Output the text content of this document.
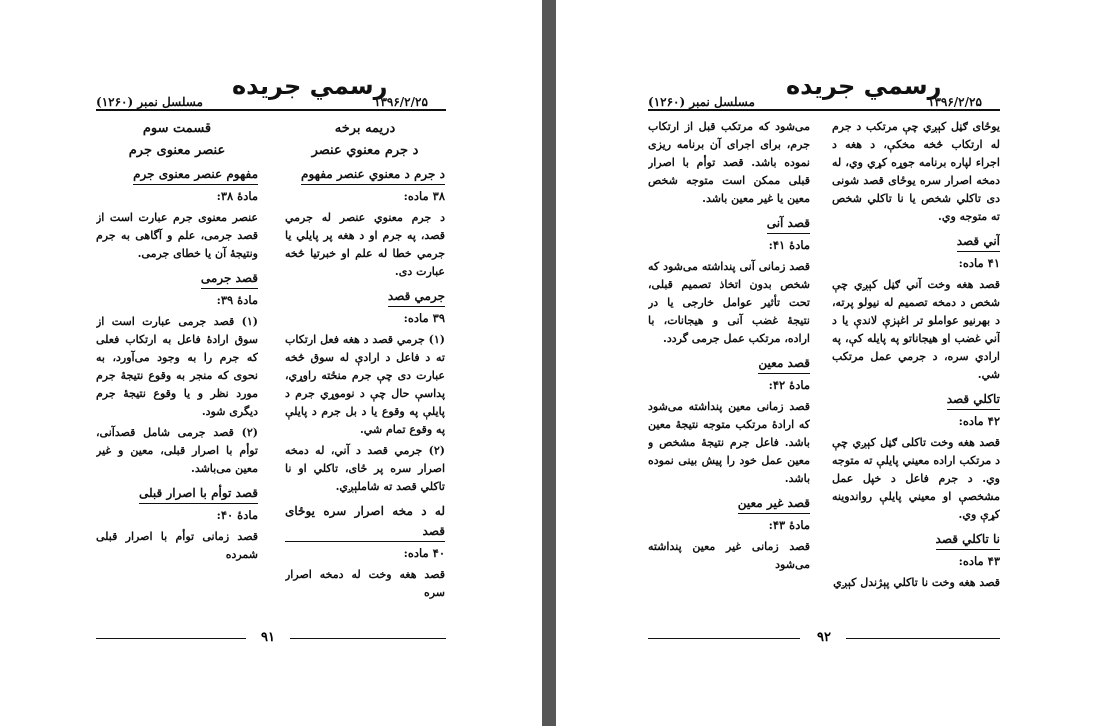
رسمي جريده
مسلسل نمبر (۱۲۶۰)	۱۳۹۶/۲/۲۵
دريمه برخه
د جرم معنوي عنصر
د جرم د معنوي عنصر مفهوم
۳۸ ماده:

د جرم معنوي عنصر له جرمي قصد، په جرم او د هغه پر پايلي يا جرمي خطا له علم او خبرتيا څخه عبارت دی.

جرمي قصد
۳۹ ماده:

(۱) جرمي قصد د هغه فعل ارتکاب ته د فاعل د ارادې له سوق څخه عبارت دی چې جرم منځته راوړي، پداسې حال چې د نوموړي جرم د پايلې په وقوع يا د بل جرم د پايلې په وقوع تمام شي.

(۲) جرمي قصد د آني، له دمخه اصرار سره پر ځای، تاکلي او نا تاکلي قصد ته شاملېږي.

له د مخه اصرار سره يوځای قصد
۴۰ ماده:

قصد هغه وخت له دمخه اصرار سره

قسمت سوم
عنصر معنوی جرم
مفهوم عنصر معنوی جرم
مادهٔ ۳۸:

عنصر معنوی جرم عبارت است از قصد جرمی، علم و آگاهی به جرم ونتيجهٔ آن يا خطای جرمی.

قصد جرمی
مادهٔ ۳۹:

(۱) قصد جرمی عبارت است از سوق ارادهٔ فاعل به ارتکاب فعلی که جرم را به وجود می‌آورد، به نحوی که منجر به وقوع نتيجهٔ جرم مورد نظر و يا وقوع نتيجهٔ جرم ديگری شود.

(۲) قصد جرمی شامل قصدآنی، توأم با اصرار قبلی، معين و غير معين می‌باشد.

قصد توأم با اصرار قبلی
مادهٔ ۴۰:

قصد زمانی توأم با اصرار قبلی شمرده

۹۱
رسمي جريده
مسلسل نمبر (۱۲۶۰)	۱۳۹۶/۲/۲۵

يوځای ګڼل کېږي چې مرتکب د جرم له ارتکاب څخه مخکې، د هغه د اجراء لپاره برنامه جوړه کړي وي، له دمخه اصرار سره يوځای قصد شونی دی تاکلي شخص يا نا تاکلي شخص ته متوجه وي.

آني قصد
۴۱ ماده:

قصد هغه وخت آني ګڼل کېږي چې شخص د دمخه تصميم له نيولو پرته، د بهرنيو عواملو تر اغېزې لاندې يا د آني غضب او هيجاناتو په پايله کې، په ارادي سره، د جرمي عمل مرتکب شي.

تاکلي قصد
۴۲ ماده:

قصد هغه وخت تاکلی ګڼل کېږي چې د مرتکب اراده معيني پايلې ته متوجه وي. د جرم فاعل د خپل عمل مشخصې او معيني پايلې رواندوينه کړې وي.

نا تاکلي قصد
۴۳ ماده:

قصد هغه وخت نا تاکلي پېژندل کېږي

می‌شود که مرتکب قبل از ارتکاب جرم، برای اجرای آن برنامه ريزی نموده باشد. قصد توأم با اصرار قبلی ممکن است متوجه شخص معين يا غير معين باشد.

قصد آنی
مادهٔ ۴۱:

قصد زمانی آنی پنداشته می‌شود که شخص بدون اتخاذ تصميم قبلی، تحت تأثير عوامل خارجی يا در نتيجهٔ غضب آنی و هيجانات، با اراده، مرتکب عمل جرمی گردد.

قصد معين
مادهٔ ۴۲:

قصد زمانی معين پنداشته می‌شود که ارادهٔ مرتکب متوجه نتيجهٔ معين باشد. فاعل جرم نتيجهٔ مشخص و معين عمل خود را پيش بينی نموده باشد.

قصد غير معين
مادهٔ ۴۳:

قصد زمانی غير معين پنداشته می‌شود

۹۲
